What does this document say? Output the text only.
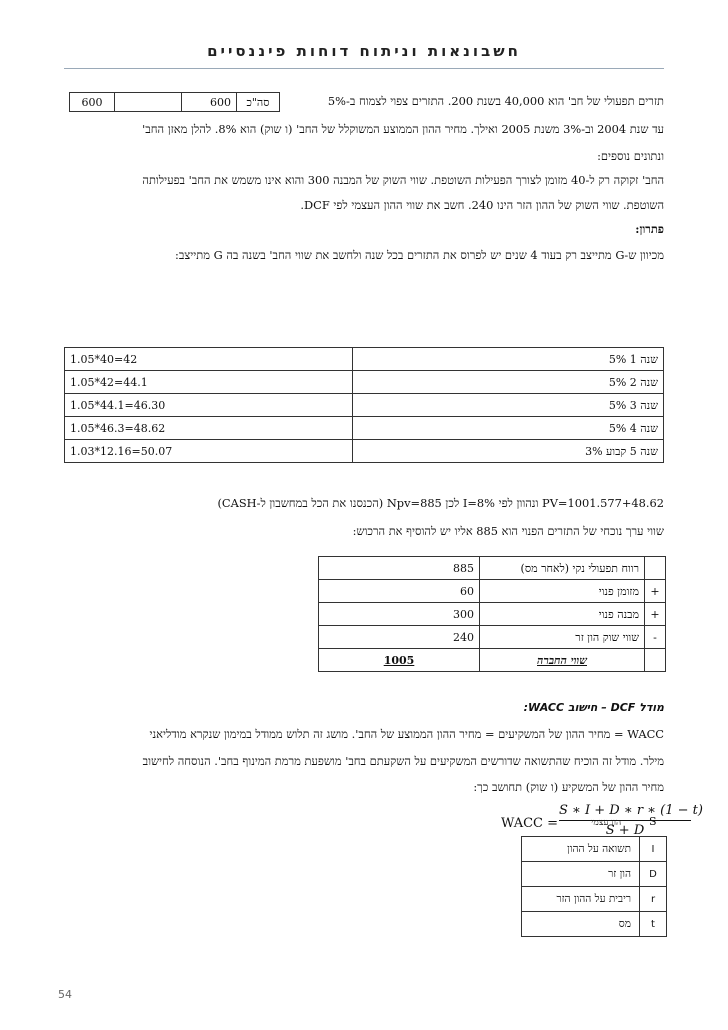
חשבונאות וניתוח דוחות פיננסיים
600		600	סה"כ	תזרים תפעולי של חב' הוא 40,000 בשנת 200. התזרים צפוי לצמוח ב-5%
עד שנת 2004 וב-3% משנת 2005 ואילך. מחיר ההון הממוצע המשוקלל של החב' (ו שוק) הוא 8%. להלן מאזן החב'
ונתונים נוספים:
החב' זקוקה רק ל-40 מזומן לצורך הפעילות השוטפת. שווי השוק של המבנה 300 והוא אינו משמש את החב' בפעילותה
השוטפת. שווי השוק של ההון הזר הינו 240. חשב את שווי ההון העצמי לפי DCF.
פתרון:
מכיוון ש-G מתייצב רק בעוד 4 שנים יש לפרוס את התזרים בכל שנה ולחשב את שווי החב' בשנה בה G מתייצב:
1.05*40=42	שנה 1 5%
1.05*42=44.1	שנה 2 5%
1.05*44.1=46.30	שנה 3 5%
1.05*46.3=48.62	שנה 4 5%
1.03*12.16=50.07	שנה 5 קבוע 3%
PV=1001.577+48.62 ונהוון לפי I=8% לכן Npv=885 (הכנסנו את הכל במחשבון ל-CASH)
שווי ערך נוכחי של התזרים הפנוי הוא 885 אליו יש להוסיף את הרכוש:
885	רווח תפעולי נקי (לאחר מס)	
60	מזומן פנוי	+
300	מבנה פנוי	+
240	שווי שוק הון זר	-
1005	שווי החברה	
מודל DCF – חישוב WACC:
WACC = מחיר ההון של המשקיעים = מחיר ההון הממוצע של החב'. מושג זה תלוש ממודל במימון שנקרא מודליאני
מילר. מודל זה הוכיח שהתשואה שדורשים המשקיעים על השקעתם בחב' מושפעת מרמת המינוף בחב'. הנוסחה לחישוב
מחיר ההון של המשקיע (ו שוק) תחושב כך:
WACC =
S ∗ I + D ∗ r ∗ (1 − t)
S + D
הון עצמי	S
תשואה על ההון	I
הון זר	D
ריבית על ההון הזר	r
מס	t
54
